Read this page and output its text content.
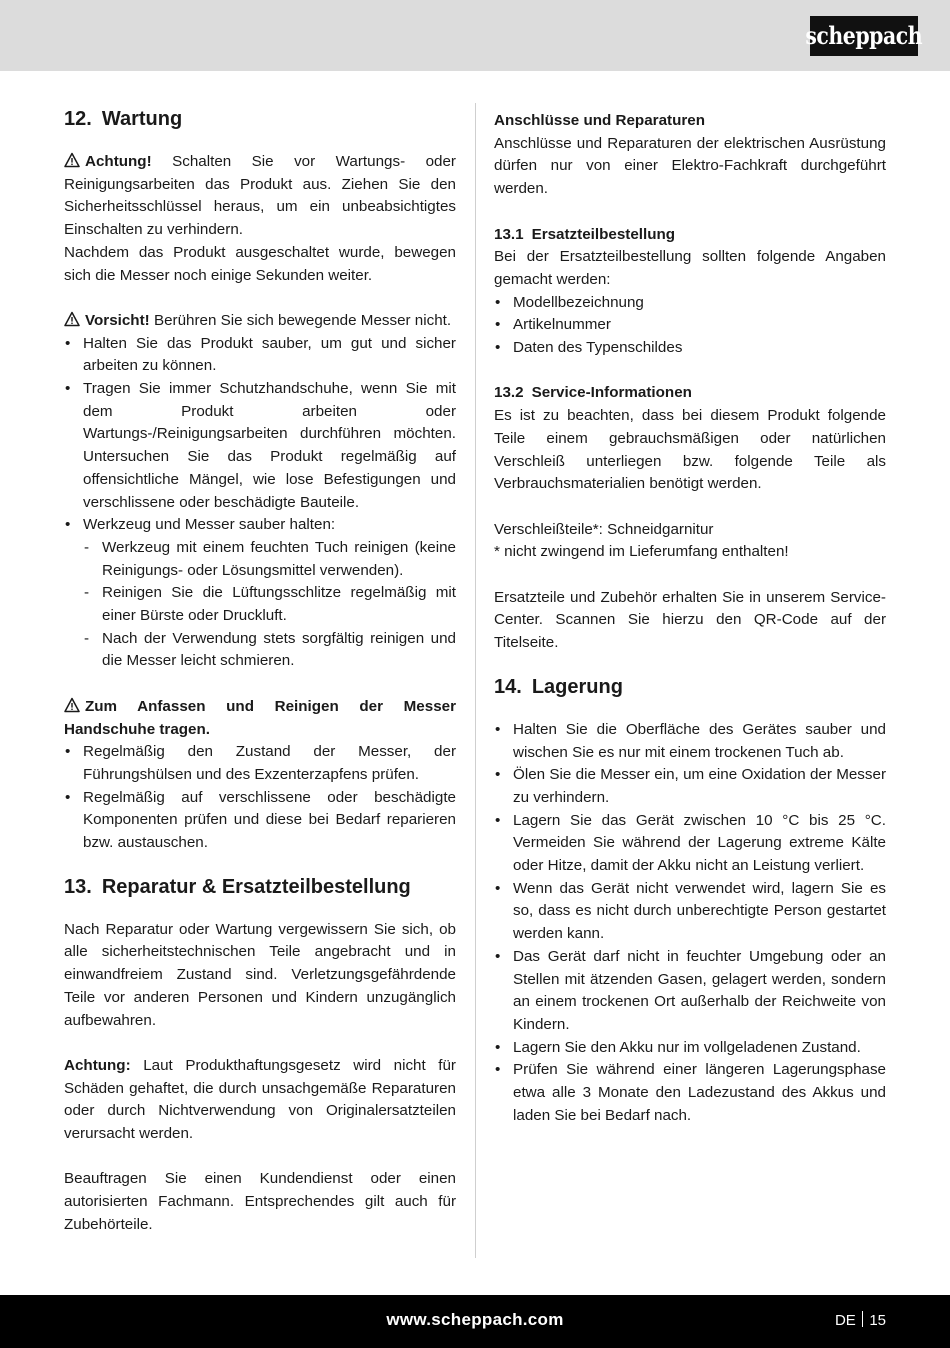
scheppach
12. Wartung

Achtung! Schalten Sie vor Wartungs- oder Reinigungsarbeiten das Produkt aus. Ziehen Sie den Sicherheitsschlüssel heraus, um ein unbeabsichtigtes Einschalten zu verhindern.

Nachdem das Produkt ausgeschaltet wurde, bewegen sich die Messer noch einige Sekunden weiter.

Vorsicht! Berühren Sie sich bewegende Messer nicht.

• Halten Sie das Produkt sauber, um gut und sicher arbeiten zu können.
• Tragen Sie immer Schutzhandschuhe, wenn Sie mit dem Produkt arbeiten oder Wartungs-/Reinigungsarbeiten durchführen möchten. Untersuchen Sie das Produkt regelmäßig auf offensichtliche Mängel, wie lose Befestigungen und verschlissene oder beschädigte Bauteile.
• Werkzeug und Messer sauber halten:
- Werkzeug mit einem feuchten Tuch reinigen (keine Reinigungs- oder Lösungsmittel verwenden).
- Reinigen Sie die Lüftungsschlitze regelmäßig mit einer Bürste oder Druckluft.
- Nach der Verwendung stets sorgfältig reinigen und die Messer leicht schmieren.

Zum Anfassen und Reinigen der Messer Handschuhe tragen.

• Regelmäßig den Zustand der Messer, der Führungshülsen und des Exzenterzapfens prüfen.
• Regelmäßig auf verschlissene oder beschädigte Komponenten prüfen und diese bei Bedarf reparieren bzw. austauschen.
13. Reparatur & Ersatzteilbestellung

Nach Reparatur oder Wartung vergewissern Sie sich, ob alle sicherheitstechnischen Teile angebracht und in einwandfreiem Zustand sind. Verletzungsgefährdende Teile vor anderen Personen und Kindern unzugänglich aufbewahren.

Achtung: Laut Produkthaftungsgesetz wird nicht für Schäden gehaftet, die durch unsachgemäße Reparaturen oder durch Nichtverwendung von Originalersatzteilen verursacht werden.

Beauftragen Sie einen Kundendienst oder einen autorisierten Fachmann. Entsprechendes gilt auch für Zubehörteile.

Anschlüsse und Reparaturen

Anschlüsse und Reparaturen der elektrischen Ausrüstung dürfen nur von einer Elektro-Fachkraft durchgeführt werden.

13.1 Ersatzteilbestellung

Bei der Ersatzteilbestellung sollten folgende Angaben gemacht werden:

• Modellbezeichnung
• Artikelnummer
• Daten des Typenschildes

13.2 Service-Informationen

Es ist zu beachten, dass bei diesem Produkt folgende Teile einem gebrauchsmäßigen oder natürlichen Verschleiß unterliegen bzw. folgende Teile als Verbrauchsmaterialien benötigt werden.

Verschleißteile*: Schneidgarnitur

* nicht zwingend im Lieferumfang enthalten!

Ersatzteile und Zubehör erhalten Sie in unserem Service-Center. Scannen Sie hierzu den QR-Code auf der Titelseite.

14. Lagerung
• Halten Sie die Oberfläche des Gerätes sauber und wischen Sie es nur mit einem trockenen Tuch ab.
• Ölen Sie die Messer ein, um eine Oxidation der Messer zu verhindern.
• Lagern Sie das Gerät zwischen 10 °C bis 25 °C. Vermeiden Sie während der Lagerung extreme Kälte oder Hitze, damit der Akku nicht an Leistung verliert.
• Wenn das Gerät nicht verwendet wird, lagern Sie es so, dass es nicht durch unberechtigte Person gestartet werden kann.
• Das Gerät darf nicht in feuchter Umgebung oder an Stellen mit ätzenden Gasen, gelagert werden, sondern an einem trockenen Ort außerhalb der Reichweite von Kindern.
• Lagern Sie den Akku nur im vollgeladenen Zustand.
• Prüfen Sie während einer längeren Lagerungsphase etwa alle 3 Monate den Ladezustand des Akkus und laden Sie bei Bedarf nach.
www.scheppach.com	DE 15
